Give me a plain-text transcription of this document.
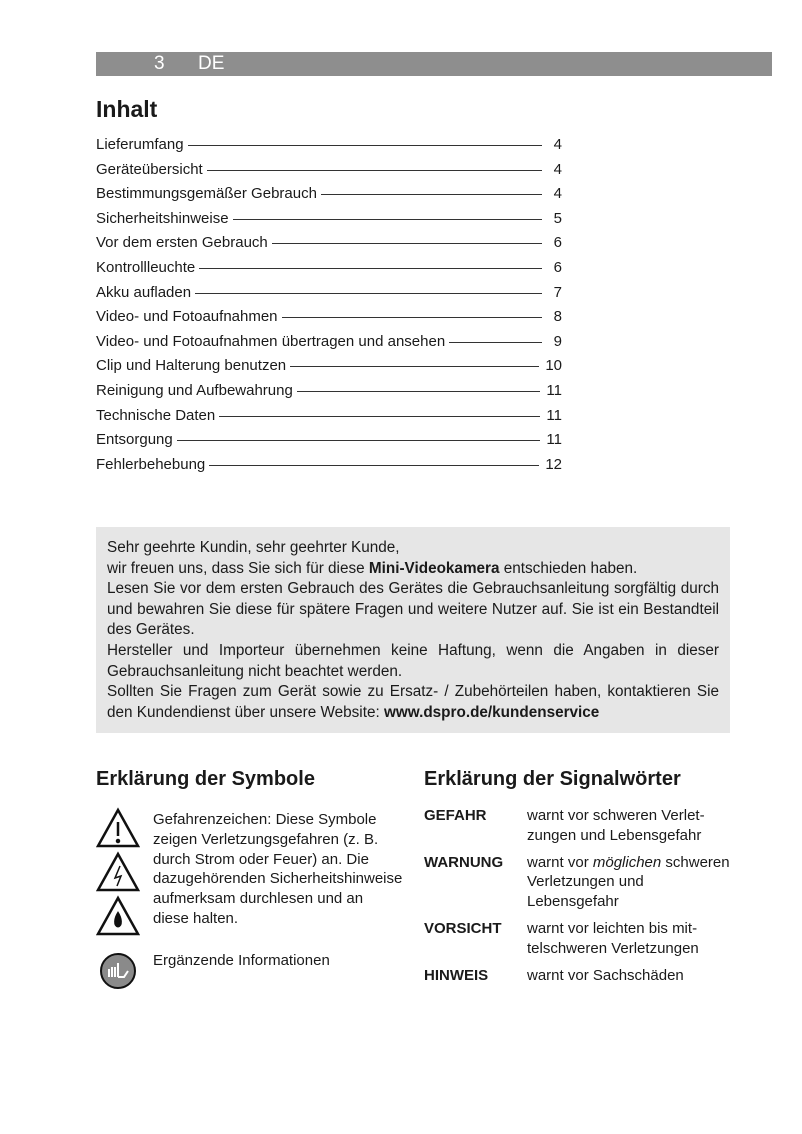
3 DE
Inhalt
Lieferumfang	4
Geräteübersicht	4
Bestimmungsgemäßer Gebrauch	4
Sicherheitshinweise	5
Vor dem ersten Gebrauch	6
Kontrollleuchte	6
Akku aufladen	7
Video- und Fotoaufnahmen	8
Video- und Fotoaufnahmen übertragen und ansehen	9
Clip und Halterung benutzen	10
Reinigung und Aufbewahrung	11
Technische Daten	11
Entsorgung	11
Fehlerbehebung	12

Sehr geehrte Kundin, sehr geehrter Kunde,

wir freuen uns, dass Sie sich für diese Mini-Videokamera entschieden haben.

Lesen Sie vor dem ersten Gebrauch des Gerätes die Gebrauchsanleitung sorgfältig durch und bewahren Sie diese für spätere Fragen und weitere Nutzer auf. Sie ist ein Bestandteil des Gerätes.

Hersteller und Importeur übernehmen keine Haftung, wenn die Angaben in dieser Gebrauchsanleitung nicht beachtet werden.

Sollten Sie Fragen zum Gerät sowie zu Ersatz- / Zubehörteilen haben, kontaktieren Sie den Kundendienst über unsere Website: www.dspro.de/kundenservice

Erklärung der Symbole	Erklärung der Signalwörter
Gefahrenzeichen: Diese Symbole zeigen Verletzungsgefahren (z. B. durch Strom oder Feuer) an. Die dazugehörenden Sicherheitshinweise aufmerksam durchlesen und an diese halten.
Ergänzende Informationen
GEFAHR	warnt vor schweren Verletzungen und Lebensgefahr
WARNUNG	warnt vor möglichen schweren Verletzungen und Lebensgefahr
VORSICHT	warnt vor leichten bis mittelschweren Verletzungen
HINWEIS	warnt vor Sachschäden
